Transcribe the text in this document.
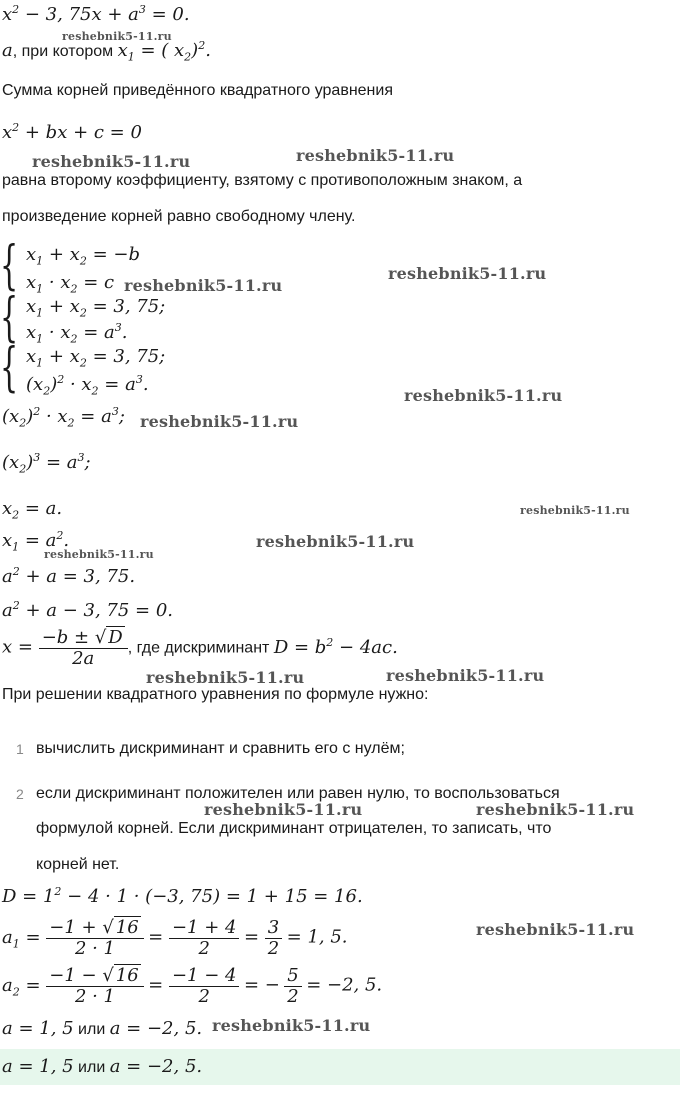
$x^2 - 3$, $75x + a^3 = 0$.
reshebnik5-11.ru
a, при котором $x_1$ = ( $x_2)^2$.
Сумма корней приведённого квадратного уравнения
$x^2$ + bx + c = 0
reshebnik5-11.ru	reshebnik5-11.ru
равна второму коэффициенту, взятому с противоположным знаком, а
произведение корней равно свободному члену.
{ $x_1 + x_2 = -b$
$x_1 \cdot x_2 = c$ reshebnik5-11.ru
reshebnik5-11.ru
{ $x_1 + x_2 = 3$, 75;
$x_1 \cdot x_2 = a^3$.
{ $x_1 + x_2 = 3$, 75;
$(x_2)^2 \cdot x_2 = a^3$.
reshebnik5-11.ru
$(x_2)^2 \cdot x_2 = a^3$; reshebnik5-11.ru
$(x_2)^3 = a^3$;
$x_2 = a$.	reshebnik5-11.ru
$x_1 = a^2$.
reshebnik5-11.ru
reshebnik5-11.ru
$a^2 + a = 3$, 75.
$a^2 + a - 3$, 75 = 0.
$x = \frac{-b \pm √ D}{2a}$ , где дискриминант $D = b^2 - 4ac$.
reshebnik5-11.ru	reshebnik5-11.ru
При решении квадратного уравнения по формуле нужно:
1 вычислить дискриминант и сравнить его с нулём;
2 если дискриминант положителен или равен нулю, то воспользоваться
reshebnik5-11.ru	reshebnik5-11.ru
формулой корней. Если дискриминант отрицателен, то записать, что
корней нет.
$D = 1^2 - 4 \cdot 1 \cdot (-3$, 75) = 1 + 15 = 16.
$a_1 = \frac{-1 + √ 16}{2 \cdot 1} = \frac{-1 + 4}{2} = \frac{3}{2} = 1$, 5.	reshebnik5-11.ru
$a_2 = \frac{-1 - √ 16}{2 \cdot 1} = \frac{-1 - 4}{2}$ = − $\frac{5}{2} = -2$, 5.
a = 1, 5 или a = −2, 5. reshebnik5-11.ru
a = 1, 5 или a = −2, 5.
